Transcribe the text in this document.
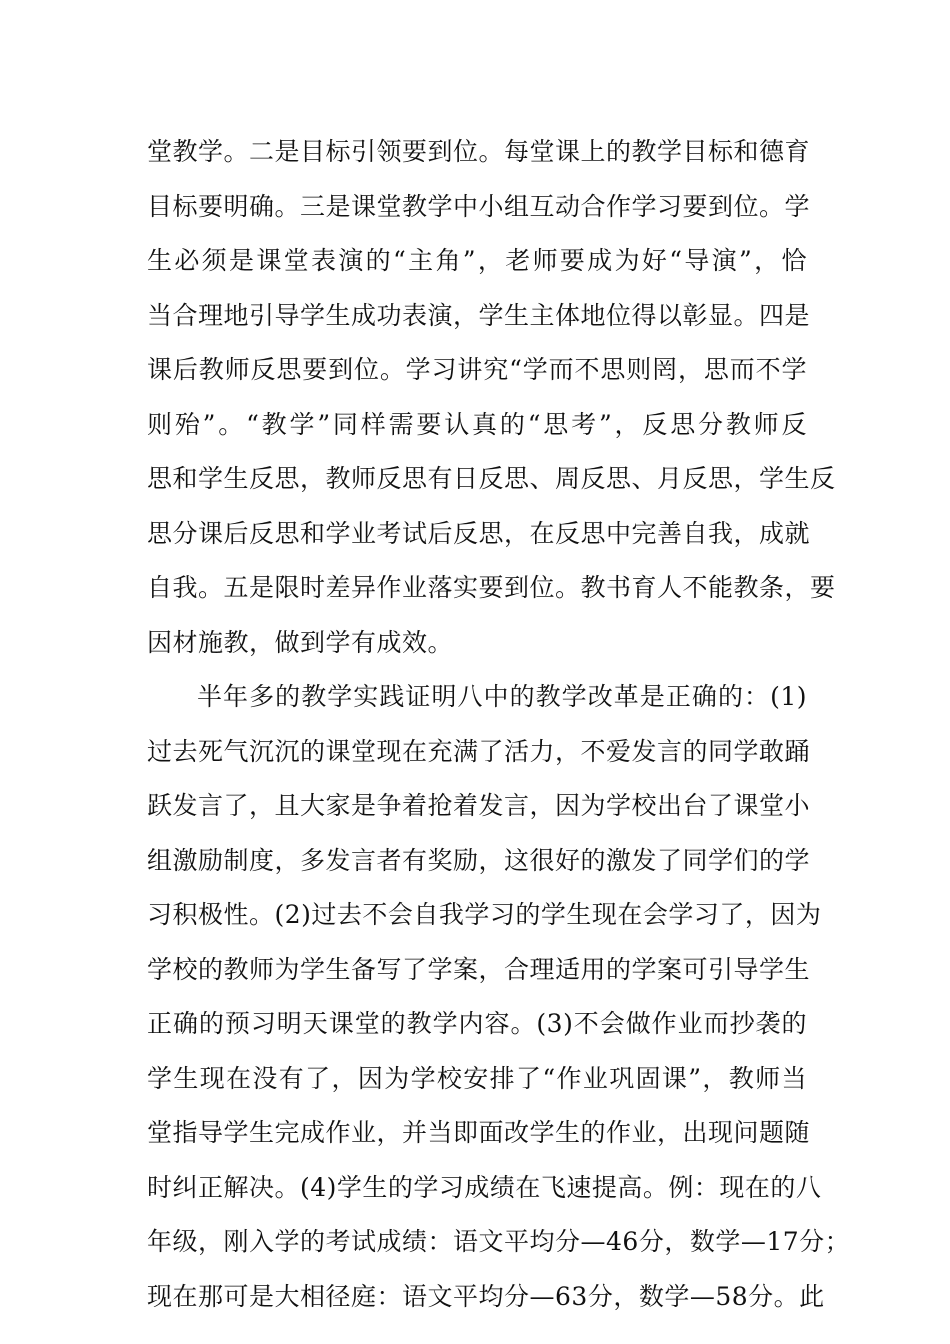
堂教学。二是目标引领要到位。每堂课上的教学目标和德育
目标要明确。三是课堂教学中小组互动合作学习要到位。学
生必须是课堂表演的“主角”，老师要成为好“导演”，恰
当合理地引导学生成功表演，学生主体地位得以彰显。四是
课后教师反思要到位。学习讲究“学而不思则罔，思而不学
则殆”。“教学”同样需要认真的“思考”，反思分教师反
思和学生反思，教师反思有日反思、周反思、月反思，学生反
思分课后反思和学业考试后反思，在反思中完善自我，成就
自我。五是限时差异作业落实要到位。教书育人不能教条，要
因材施教，做到学有成效。
半年多的教学实践证明八中的教学改革是正确的：(1)
过去死气沉沉的课堂现在充满了活力，不爱发言的同学敢踊
跃发言了，且大家是争着抢着发言，因为学校出台了课堂小
组激励制度，多发言者有奖励，这很好的激发了同学们的学
习积极性。(2)过去不会自我学习的学生现在会学习了，因为
学校的教师为学生备写了学案，合理适用的学案可引导学生
正确的预习明天课堂的教学内容。(3)不会做作业而抄袭的
学生现在没有了，因为学校安排了“作业巩固课”，教师当
堂指导学生完成作业，并当即面改学生的作业，出现问题随
时纠正解决。(4)学生的学习成绩在飞速提高。例：现在的八
年级，刚入学的考试成绩：语文平均分—46分，数学—17分；
现在那可是大相径庭：语文平均分—63分，数学—58分。此
